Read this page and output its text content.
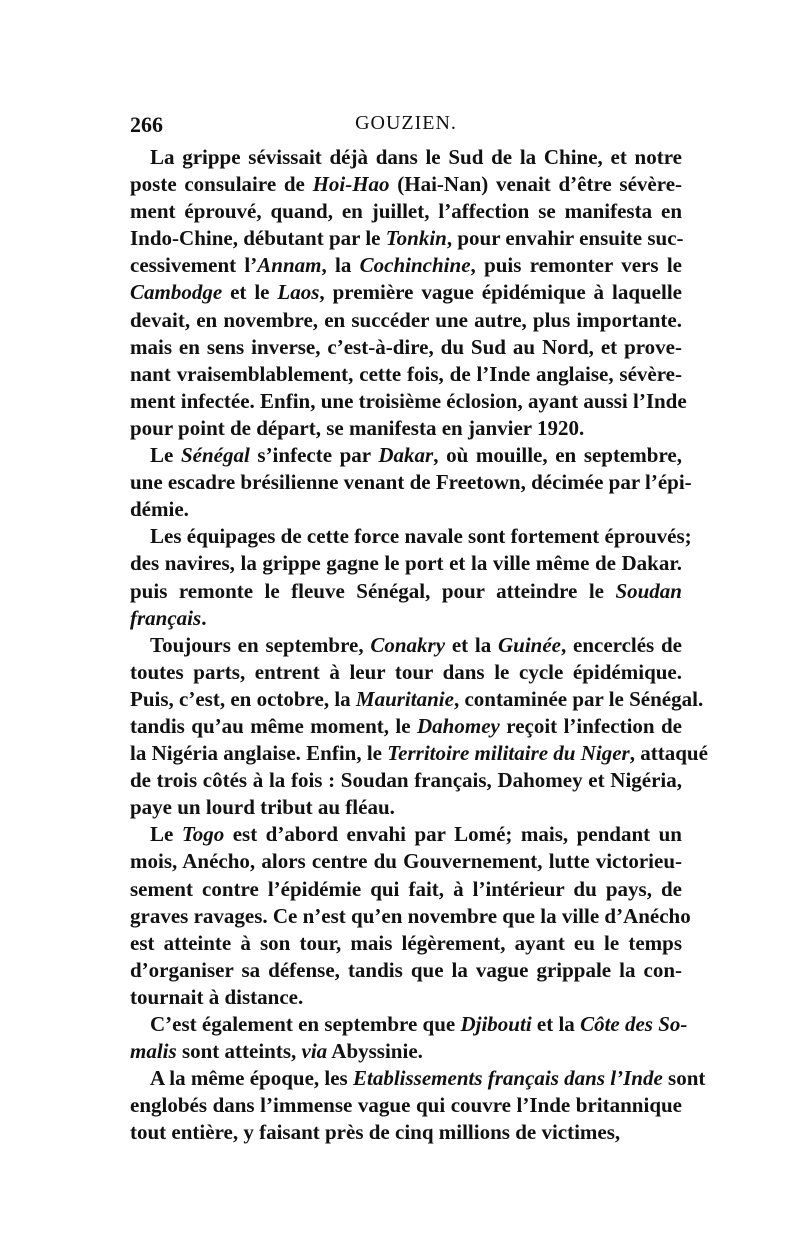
266	GOUZIEN.
La grippe sévissait déjà dans le Sud de la Chine, et notre
poste consulaire de Hoi-Hao (Hai-Nan) venait d’être sévère-
ment éprouvé, quand, en juillet, l’affection se manifesta en
Indo-Chine, débutant par le Tonkin, pour envahir ensuite suc-
cessivement l’Annam, la Cochinchine, puis remonter vers le
Cambodge et le Laos, première vague épidémique à laquelle
devait, en novembre, en succéder une autre, plus importante.
mais en sens inverse, c’est-à-dire, du Sud au Nord, et prove-
nant vraisemblablement, cette fois, de l’Inde anglaise, sévère-
ment infectée. Enfin, une troisième éclosion, ayant aussi l’Inde
pour point de départ, se manifesta en janvier 1920.
Le Sénégal s’infecte par Dakar, où mouille, en septembre,
une escadre brésilienne venant de Freetown, décimée par l’épi-
démie.
Les équipages de cette force navale sont fortement éprouvés;
des navires, la grippe gagne le port et la ville même de Dakar.
puis remonte le fleuve Sénégal, pour atteindre le Soudan
français.
Toujours en septembre, Conakry et la Guinée, encerclés de
toutes parts, entrent à leur tour dans le cycle épidémique.
Puis, c’est, en octobre, la Mauritanie, contaminée par le Sénégal.
tandis qu’au même moment, le Dahomey reçoit l’infection de
la Nigéria anglaise. Enfin, le Territoire militaire du Niger, attaqué
de trois côtés à la fois : Soudan français, Dahomey et Nigéria,
paye un lourd tribut au fléau.
Le Togo est d’abord envahi par Lomé; mais, pendant un
mois, Anécho, alors centre du Gouvernement, lutte victorieu-
sement contre l’épidémie qui fait, à l’intérieur du pays, de
graves ravages. Ce n’est qu’en novembre que la ville d’Anécho
est atteinte à son tour, mais légèrement, ayant eu le temps
d’organiser sa défense, tandis que la vague grippale la con-
tournait à distance.
C’est également en septembre que Djibouti et la Côte des So-
malis sont atteints, via Abyssinie.
A la même époque, les Etablissements français dans l’Inde sont
englobés dans l’immense vague qui couvre l’Inde britannique
tout entière, y faisant près de cinq millions de victimes,
